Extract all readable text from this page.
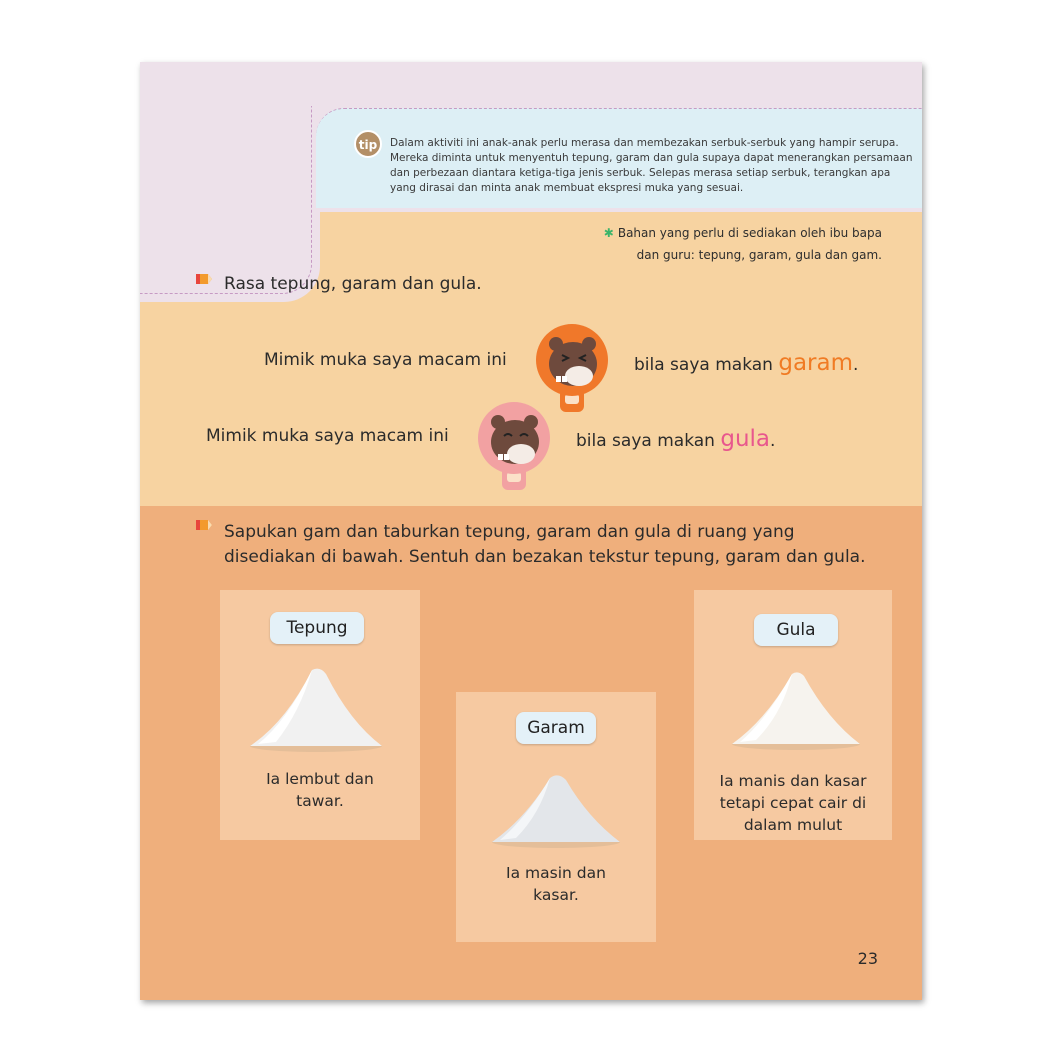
tip	Dalam aktiviti ini anak-anak perlu merasa dan membezakan serbuk-serbuk yang hampir serupa.
Mereka diminta untuk menyentuh tepung, garam dan gula supaya dapat menerangkan persamaan
dan perbezaan diantara ketiga-tiga jenis serbuk. Selepas merasa setiap serbuk, terangkan apa
yang dirasai dan minta anak membuat ekspresi muka yang sesuai.
✱ Bahan yang perlu di sediakan oleh ibu bapa
dan guru: tepung, garam, gula dan gam.
Rasa tepung, garam dan gula.
Mimik muka saya macam ini	bila saya makan garam.
Mimik muka saya macam ini	bila saya makan gula.
Sapukan gam dan taburkan tepung, garam dan gula di ruang yang
disediakan di bawah. Sentuh dan bezakan tekstur tepung, garam dan gula.
Tepung
Ia lembut dan
tawar.
Garam
Ia masin dan
kasar.
Gula
Ia manis dan kasar
tetapi cepat cair di
dalam mulut
23
